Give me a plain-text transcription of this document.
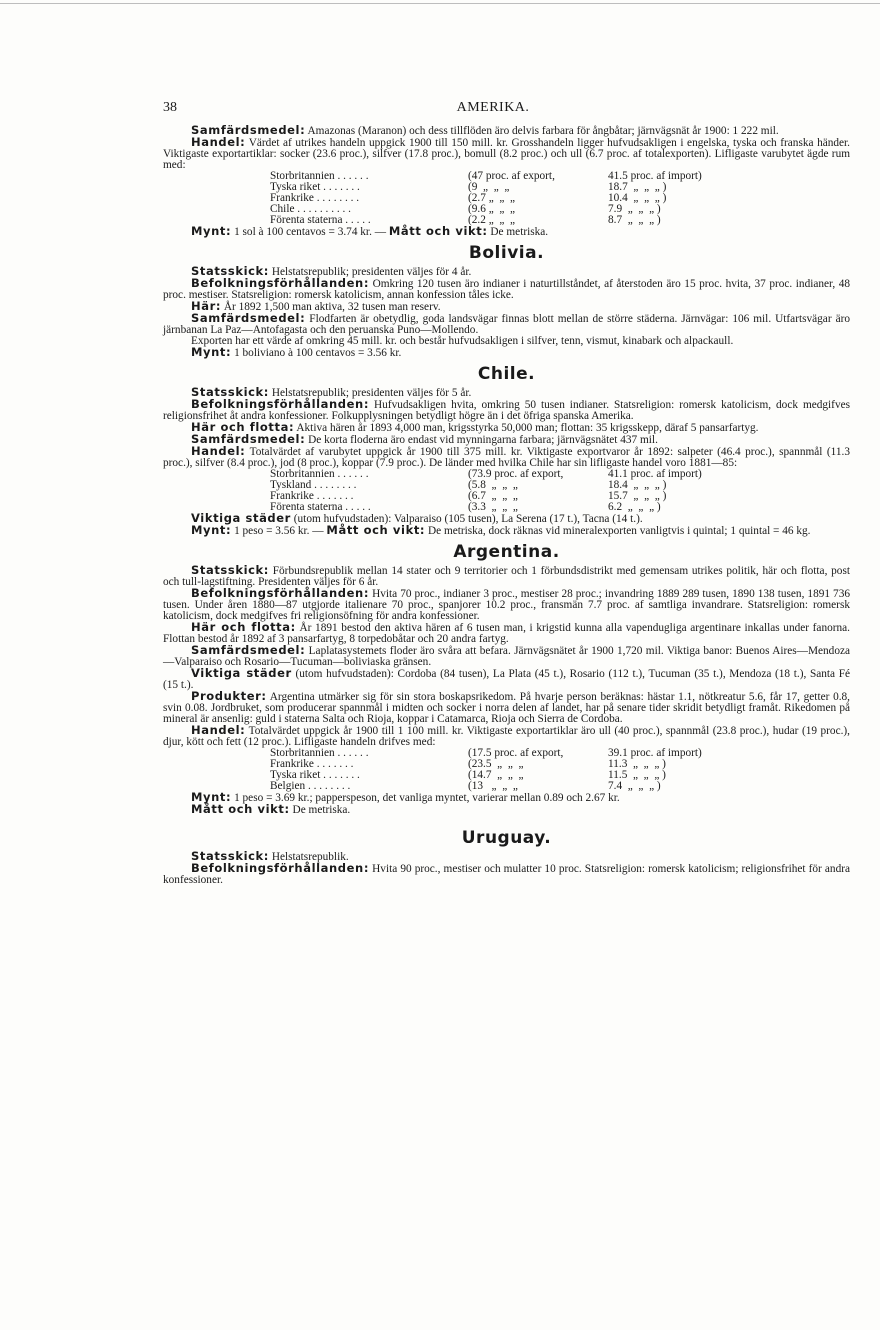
AMERIKA.
38

Samfärdsmedel: Amazonas (Maranon) och dess tillflöden äro delvis farbara för ångbåtar; järnvägsnät år 1900: 1 222 mil.

Handel: Värdet af utrikes handeln uppgick 1900 till 150 mill. kr. Grosshandeln ligger hufvudsakligen i engelska, tyska och franska händer. Viktigaste exportartiklar: socker (23.6 proc.), silfver (17.8 proc.), bomull (8.2 proc.) och ull (6.7 proc. af totalexporten). Lifligaste varubytet ägde rum med:

Storbritannien . . . . . .	(47 proc. af export,	41.5 proc. af import)
Tyska riket . . . . . . .	(9  „  „  „	18.7  „  „  „ )
Frankrike . . . . . . . .	(2.7 „  „  „	10.4  „  „  „ )
Chile . . . . . . . . . .	(9.6 „  „  „	7.9  „  „  „ )
Förenta staterna . . . . .	(2.2 „  „  „	8.7  „  „  „ )

Mynt: 1 sol à 100 centavos = 3.74 kr. — Mått och vikt: De metriska.

Bolivia.

Statsskick: Helstatsrepublik; presidenten väljes för 4 år.

Befolkningsförhållanden: Omkring 120 tusen äro indianer i naturtillståndet, af återstoden äro 15 proc. hvita, 37 proc. indianer, 48 proc. mestiser. Statsreligion: romersk katolicism, annan konfession tåles icke.

Här: År 1892 1,500 man aktiva, 32 tusen man reserv.

Samfärdsmedel: Flodfarten är obetydlig, goda landsvägar finnas blott mellan de större städerna. Järnvägar: 106 mil. Utfartsvägar äro järnbanan La Paz—Antofagasta och den peruanska Puno—Mollendo.

Exporten har ett värde af omkring 45 mill. kr. och består hufvudsakligen i silfver, tenn, vismut, kinabark och alpackaull.

Mynt: 1 boliviano à 100 centavos = 3.56 kr.

Chile.

Statsskick: Helstatsrepublik; presidenten väljes för 5 år.

Befolkningsförhållanden: Hufvudsakligen hvita, omkring 50 tusen indianer. Statsreligion: romersk katolicism, dock medgifves religionsfrihet åt andra konfessioner. Folkupplysningen betydligt högre än i det öfriga spanska Amerika.

Här och flotta: Aktiva hären år 1893 4,000 man, krigsstyrka 50,000 man; flottan: 35 krigsskepp, däraf 5 pansarfartyg.

Samfärdsmedel: De korta floderna äro endast vid mynningarna farbara; järnvägsnätet 437 mil.

Handel: Totalvärdet af varubytet uppgick år 1900 till 375 mill. kr. Viktigaste exportvaror år 1892: salpeter (46.4 proc.), spannmål (11.3 proc.), silfver (8.4 proc.), jod (8 proc.), koppar (7.9 proc.). De länder med hvilka Chile har sin lifligaste handel voro 1881—85:

Storbritannien . . . . . .	(73.9 proc. af export,	41.1 proc. af import)
Tyskland . . . . . . . .	(5.8  „  „  „	18.4  „  „  „ )
Frankrike . . . . . . .	(6.7  „  „  „	15.7  „  „  „ )
Förenta staterna . . . . .	(3.3  „  „  „	6.2  „  „  „ )

Viktiga städer (utom hufvudstaden): Valparaiso (105 tusen), La Serena (17 t.), Tacna (14 t.).

Mynt: 1 peso = 3.56 kr. — Mått och vikt: De metriska, dock räknas vid mineralexporten vanligtvis i quintal; 1 quintal = 46 kg.

Argentina.

Statsskick: Förbundsrepublik mellan 14 stater och 9 territorier och 1 förbundsdistrikt med gemensam utrikes politik, här och flotta, post och tull-lagstiftning. Presidenten väljes för 6 år.

Befolkningsförhållanden: Hvita 70 proc., indianer 3 proc., mestiser 28 proc.; invandring 1889 289 tusen, 1890 138 tusen, 1891 736 tusen. Under åren 1880—87 utgjorde italienare 70 proc., spanjorer 10.2 proc., fransmän 7.7 proc. af samtliga invandrare. Statsreligion: romersk katolicism, dock medgifves fri religionsöfning för andra konfessioner.

Här och flotta: År 1891 bestod den aktiva hären af 6 tusen man, i krigstid kunna alla vapendugliga argentinare inkallas under fanorna. Flottan bestod år 1892 af 3 pansarfartyg, 8 torpedobåtar och 20 andra fartyg.

Samfärdsmedel: Laplatasystemets floder äro svåra att befara. Järnvägsnätet år 1900 1,720 mil. Viktiga banor: Buenos Aires—Mendoza—Valparaiso och Rosario—Tucuman—boliviaska gränsen.

Viktiga städer (utom hufvudstaden): Cordoba (84 tusen), La Plata (45 t.), Rosario (112 t.), Tucuman (35 t.), Mendoza (18 t.), Santa Fé (15 t.).

Produkter: Argentina utmärker sig för sin stora boskapsrikedom. På hvarje person beräknas: hästar 1.1, nötkreatur 5.6, får 17, getter 0.8, svin 0.08. Jordbruket, som producerar spannmål i midten och socker i norra delen af landet, har på senare tider skridit betydligt framåt. Rikedomen på mineral är ansenlig: guld i staterna Salta och Rioja, koppar i Catamarca, Rioja och Sierra de Cordoba.

Handel: Totalvärdet uppgick år 1900 till 1 100 mill. kr. Viktigaste exportartiklar äro ull (40 proc.), spannmål (23.8 proc.), hudar (19 proc.), djur, kött och fett (12 proc.). Lifligaste handeln drifves med:

Storbritannien . . . . . .	(17.5 proc. af export,	39.1 proc. af import)
Frankrike . . . . . . .	(23.5  „  „  „	11.3  „  „  „ )
Tyska riket . . . . . . .	(14.7  „  „  „	11.5  „  „  „ )
Belgien . . . . . . . .	(13   „  „  „	7.4  „  „  „ )

Mynt: 1 peso = 3.69 kr.; papperspeson, det vanliga myntet, varierar mellan 0.89 och 2.67 kr.

Mått och vikt: De metriska.

Uruguay.

Statsskick: Helstatsrepublik.

Befolkningsförhållanden: Hvita 90 proc., mestiser och mulatter 10 proc. Statsreligion: romersk katolicism; religionsfrihet för andra konfessioner.
